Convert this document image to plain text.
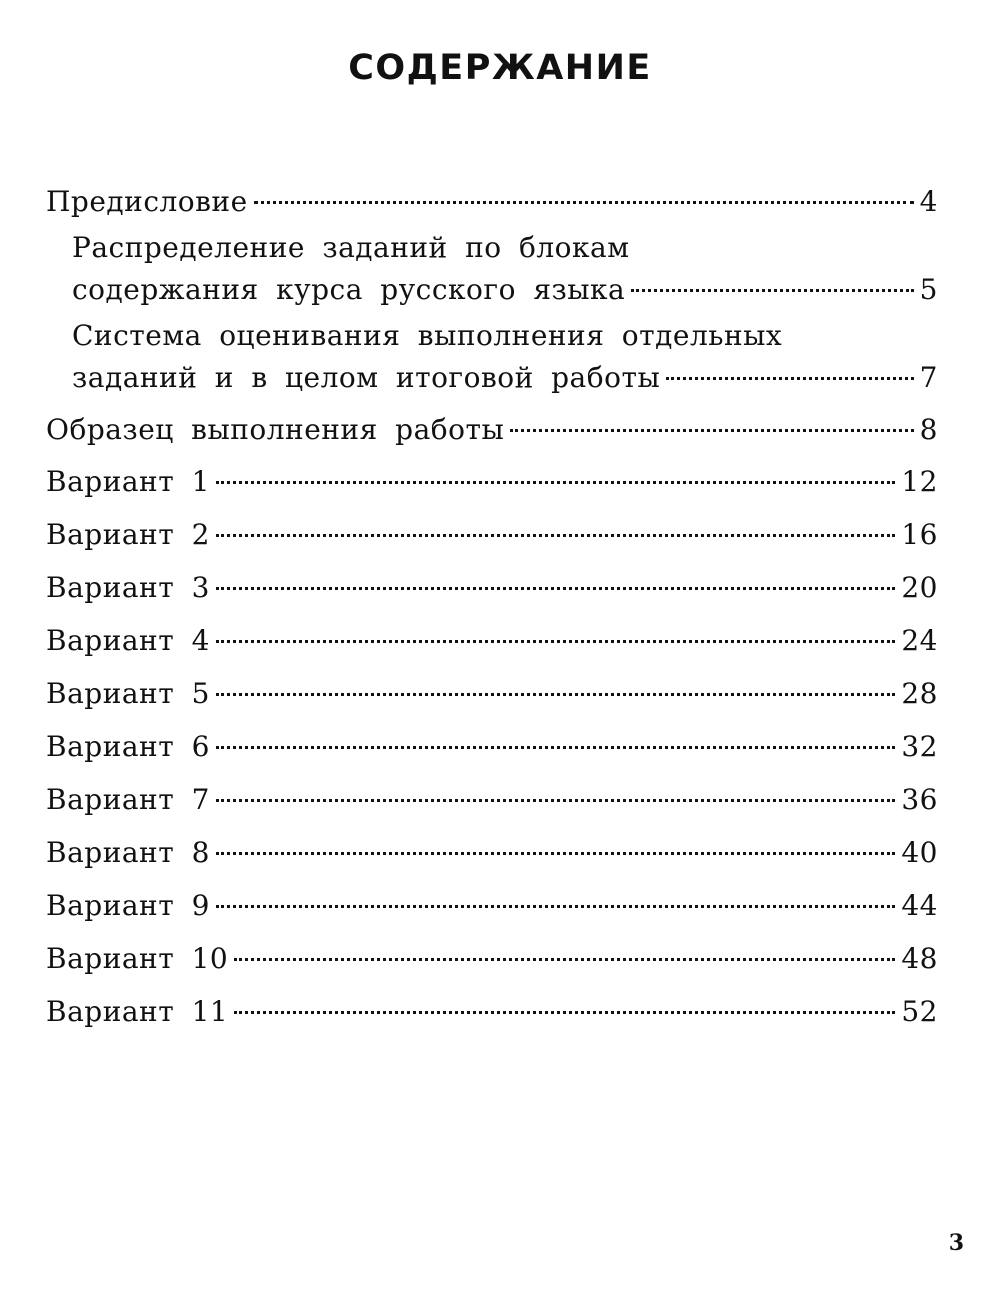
СОДЕРЖАНИЕ
Предисловие	4
Распределение заданий по блокам
содержания курса русского языка	5
Система оценивания выполнения отдельных
заданий и в целом итоговой работы	7
Образец выполнения работы	8
Вариант 1	12
Вариант 2	16
Вариант 3	20
Вариант 4	24
Вариант 5	28
Вариант 6	32
Вариант 7	36
Вариант 8	40
Вариант 9	44
Вариант 10	48
Вариант 11	52
3
